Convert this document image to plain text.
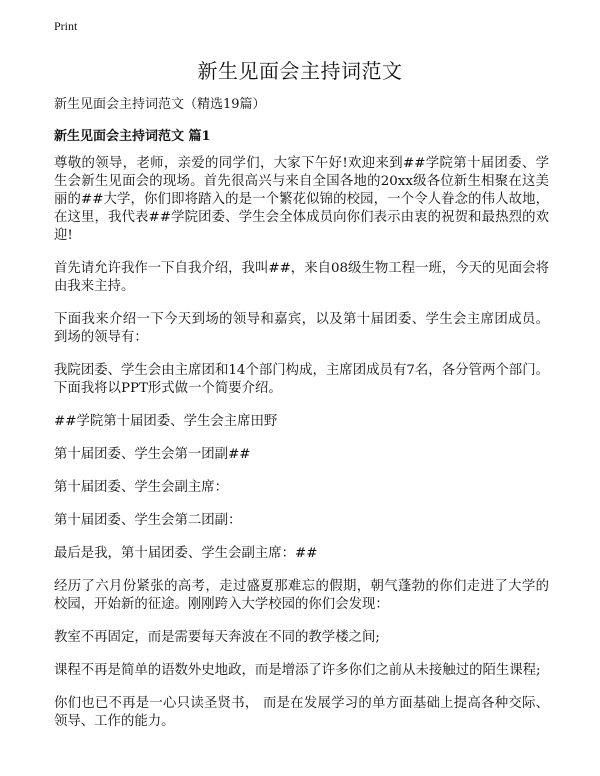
Print
新生见面会主持词范文
新生见面会主持词范文（精选19篇）
新生见面会主持词范文 篇1

尊敬的领导，老师，亲爱的同学们，大家下午好!欢迎来到##学院第十届团委、学生会新生见面会的现场。首先很高兴与来自全国各地的20xx级各位新生相聚在这美丽的##大学，你们即将踏入的是一个繁花似锦的校园，一个令人眷念的伟人故地，在这里，我代表##学院团委、学生会全体成员向你们表示由衷的祝贺和最热烈的欢迎!

首先请允许我作一下自我介绍，我叫##，来自08级生物工程一班，今天的见面会将由我来主持。

下面我来介绍一下今天到场的领导和嘉宾，以及第十届团委、学生会主席团成员。到场的领导有：

我院团委、学生会由主席团和14个部门构成，主席团成员有7名，各分管两个部门。下面我将以PPT形式做一个简要介绍。

##学院第十届团委、学生会主席田野

第十届团委、学生会第一团副##

第十届团委、学生会副主席：

第十届团委、学生会第二团副：

最后是我，第十届团委、学生会副主席：##

经历了六月份紧张的高考，走过盛夏那难忘的假期，朝气蓬勃的你们走进了大学的校园，开始新的征途。刚刚跨入大学校园的你们会发现：

教室不再固定，而是需要每天奔波在不同的教学楼之间;

课程不再是简单的语数外史地政，而是增添了许多你们之前从未接触过的陌生课程;

你们也已不再是一心只读圣贤书， 而是在发展学习的单方面基础上提高各种交际、领导、工作的能力。
